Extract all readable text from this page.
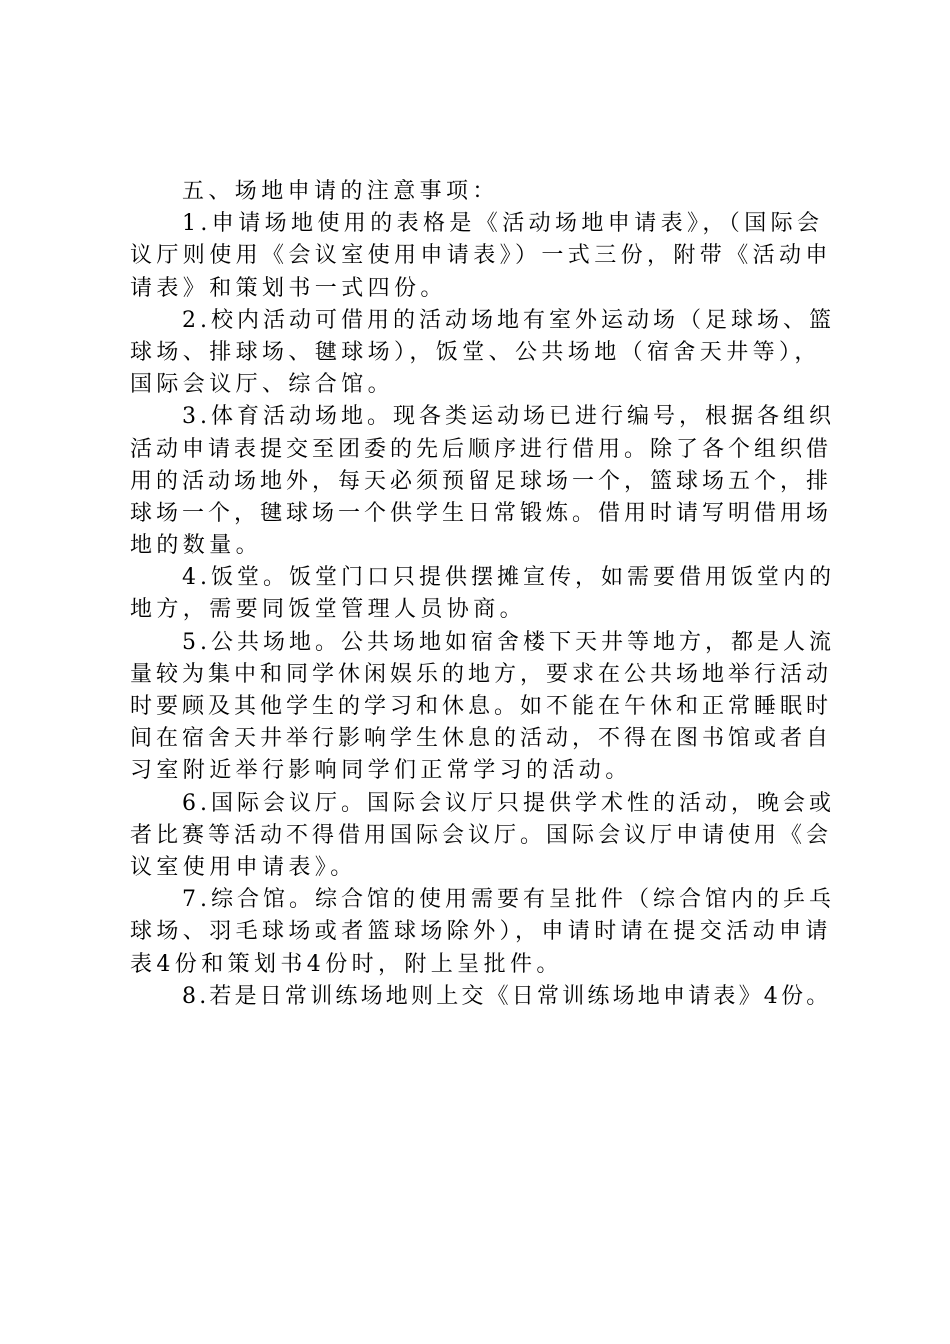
五、场地申请的注意事项：
1.申请场地使用的表格是《活动场地申请表》，（国际会
议厅则使用《会议室使用申请表》）一式三份，附带《活动申
请表》和策划书一式四份。
2.校内活动可借用的活动场地有室外运动场（足球场、篮
球场、排球场、毽球场），饭堂、公共场地（宿舍天井等），
国际会议厅、综合馆。
3.体育活动场地。现各类运动场已进行编号，根据各组织
活动申请表提交至团委的先后顺序进行借用。除了各个组织借
用的活动场地外，每天必须预留足球场一个，篮球场五个，排
球场一个，毽球场一个供学生日常锻炼。借用时请写明借用场
地的数量。
4.饭堂。饭堂门口只提供摆摊宣传，如需要借用饭堂内的
地方，需要同饭堂管理人员协商。
5.公共场地。公共场地如宿舍楼下天井等地方，都是人流
量较为集中和同学休闲娱乐的地方，要求在公共场地举行活动
时要顾及其他学生的学习和休息。如不能在午休和正常睡眠时
间在宿舍天井举行影响学生休息的活动，不得在图书馆或者自
习室附近举行影响同学们正常学习的活动。
6.国际会议厅。国际会议厅只提供学术性的活动，晚会或
者比赛等活动不得借用国际会议厅。国际会议厅申请使用《会
议室使用申请表》。
7.综合馆。综合馆的使用需要有呈批件（综合馆内的乒乓
球场、羽毛球场或者篮球场除外），申请时请在提交活动申请
表4份和策划书4份时，附上呈批件。
8.若是日常训练场地则上交《日常训练场地申请表》4份。
